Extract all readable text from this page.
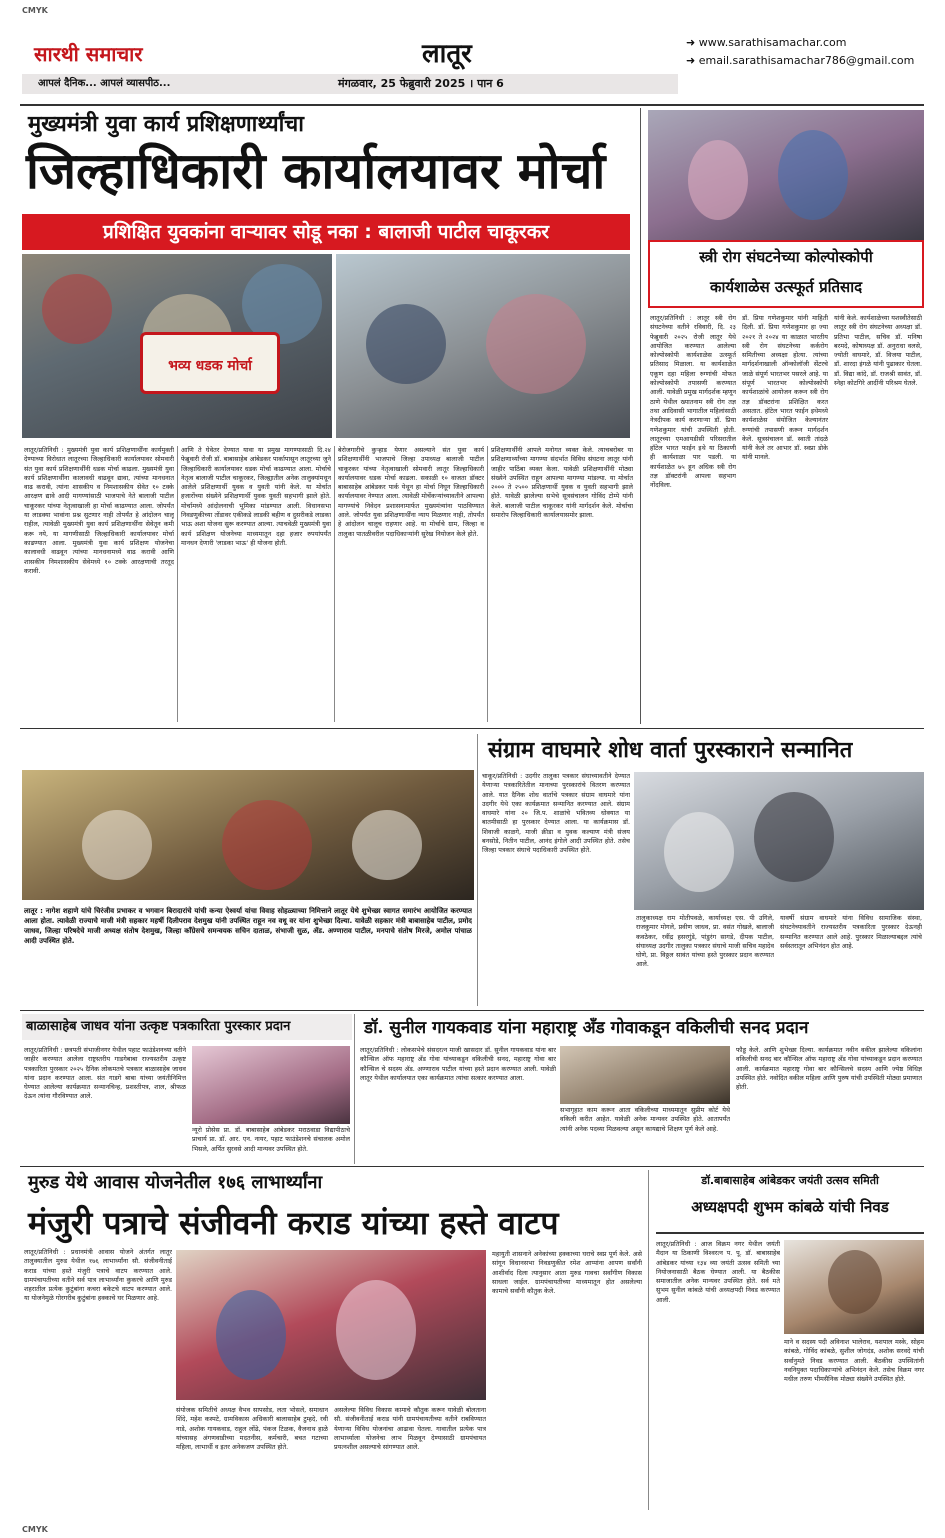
CMYK
CMYK
सारथी समाचार	लातूर	➜ www.sarathisamachar.com
➜ email.sarathisamachar786@gmail.com
आपलं दैनिक... आपलं व्यासपीठ...	मंगळवार, 25 फेब्रुवारी 2025 । पान 6
मुख्यमंत्री युवा कार्य प्रशिक्षणार्थ्यांचा
जिल्हाधिकारी कार्यालयावर मोर्चा
प्रशिक्षित युवकांना वाऱ्यावर सोडू नका : बालाजी पाटील चाकूरकर
भव्य धडक मोर्चा
लातूर/प्रतिनिधी : मुख्यमंत्री युवा कार्य प्रशिक्षणार्थींना कार्यमुक्ती देण्याच्या विरोधात लातूरच्या जिल्हाधिकारी कार्यालयावर सोमवारी संत युवा कार्य प्रशिक्षणार्थींनी धडक मोर्चा काढला. मुख्यमंत्री युवा कार्य प्रशिक्षणार्थींना कालावधी वाढवून द्यावा, त्यांच्या मानधनात वाढ करावी, त्यांना शासकीय व निमशासकीय सेवेत १० टक्के आरक्षण द्यावे आदी मागण्यांसाठी भाजपाचे नेते बालाजी पाटील चाकूरकर यांच्या नेतृत्वाखाली हा मोर्चा काढण्यात आला. जोपर्यंत या लाडक्या भावांना प्रश्न सुटणार नाही तोपर्यंत हे आंदोलन चालू राहील, त्यावेळी मुख्यमंत्री युवा कार्य प्रशिक्षणार्थींना सेवेतून कमी करू नये, या मागणीसाठी जिल्हाधिकारी कार्यालयावर मोर्चा काढण्यात आला. मुख्यमंत्री युवा कार्य प्रशिक्षण योजनेचा कालावधी वाढवून त्यांच्या मानधनामध्ये वाढ करावी आणि शासकीय निमशासकीय सेवेमध्ये १० टक्के आरक्षणाची तरतूद करावी.
आणि ते घेवेतर देण्यात यावा या प्रमुख मागण्यासाठी दि.२४ फेब्रुवारी रोजी डॉ. बाबासाहेब आंबेडकर पार्कापासून लातूरच्या जुने जिल्हाधिकारी कार्यालयावर धडक मोर्चा काढण्यात आला. मोर्चाचे नेतृत्व बालाजी पाटील चाकूरकर, जिल्ह्यातील अनेक तालुक्यांमधून आलेले प्रशिक्षणार्थी युवक व युवती यांनी केले. या मोर्चात हजारोंच्या संख्येने प्रशिक्षणार्थी युवक युवती सहभागी झाले होते. मोर्चामध्ये आंदोलनाची भूमिका मांडण्यात आली. विधानसभा निवडणुकीच्या तोंडावर एकीकडे लाडकी बहीण व दुसरीकडे लाडका भाऊ अशा योजना सुरू करण्यात आल्या. त्याचवेळी मुख्यमंत्री युवा कार्य प्रशिक्षण योजनेच्या माध्यमातून दहा हजार रुपयांपर्यंत मानधन देणारी 'लाडका भाऊ' ही योजना होती.
बेरोजगारीचे कुऱ्हाड येणार असल्याने संत युवा कार्य प्रशिक्षणार्थींनी भाजपाचे जिल्हा उपाध्यक्ष बालाजी पाटील चाकूरकर यांच्या नेतृत्वाखाली सोमवारी लातूर जिल्हाधिकारी कार्यालयावर धडक मोर्चा काढला. सकाळी १० वाजता डॉक्टर बाबासाहेब आंबेडकर पार्क येथून हा मोर्चा निघून जिल्हाधिकारी कार्यालयावर नेण्यात आला. त्यावेळी मोर्चेकऱ्यांच्यावतीने आपल्या मागण्यांचे निवेदन प्रशासनामार्फत मुख्यमंत्र्यांना पाठविण्यात आले. जोपर्यंत युवा प्रशिक्षणार्थींना न्याय मिळणार नाही, तोपर्यंत हे आंदोलन चालूच राहणार आहे. या मोर्चाचे ग्राम, जिल्हा व तालुका पातळीवरील पदाधिकाऱ्यांनी सुरेख नियोजन केले होते.
प्रशिक्षणार्थींनी आपले मनोगत व्यक्त केले. त्याचबरोबर या प्रशिक्षणार्थ्यांच्या मागण्या संदर्भात विविध संघटना लातूर यांनी जाहीर पाठिंबा व्यक्त केला. यावेळी प्रशिक्षणार्थींनी मोठ्या संख्येने उपस्थित राहून आपल्या मागण्या मांडल्या. या मोर्चात २००० ते २५०० प्रशिक्षणार्थी युवक व युवती सहभागी झाले होते. यावेळी झालेल्या सभेचे सूत्रसंचालन गोविंद टोम्पे यांनी केले. बालाजी पाटील चाकूरकर यांनी मार्गदर्शन केले. मोर्चाचा समारोप जिल्हाधिकारी कार्यालयासमोर झाला.
स्त्री रोग संघटनेच्या कोल्पोस्कोपी
कार्यशाळेस उत्स्फूर्त प्रतिसाद
लातूर/प्रतिनिधी : लातूर स्त्री रोग संघटनेच्या वतीने रविवारी, दि. २३ फेब्रुवारी २०२५ रोजी लातूर येथे आयोजित करण्यात आलेल्या कोल्पोस्कोपी कार्यशाळेस उत्स्फूर्त प्रतिसाद मिळाला. या कार्यशाळेत एकूण दहा महिला रुग्णांची मोफत कोल्पोस्कोपी तपासणी करण्यात आली. यावेळी प्रमुख मार्गदर्शक म्हणून ठाणे येथील ख्यातनाम स्त्री रोग तज्ञ तथा आदिवासी भागातील महिलांसाठी नेत्रदीपक कार्य करणाऱ्या डॉ. प्रिया गणेशकुमार यांची उपस्थिती होती. लातूरच्या एमआयडीसी परिसरातील हॉटेल भारत फाईन इथे या ठिकाणी ही कार्यशाळा पार पडली. या कार्यशाळेत ७५ हून अधिक स्त्री रोग तज्ञ डॉक्टरांनी आपला सहभाग नोंदविला.
डॉ. प्रिया गणेशकुमार यांनी माहिती दिली. डॉ. प्रिया गणेशकुमार हा ज्या २०२१ ते २०२४ या काळात भारतीय स्त्री रोग संघटनेच्या कर्करोग समितीच्या अध्यक्षा होत्या. त्यांच्या मार्गदर्शनाखाली ऑन्कोलॉजी सेंटरचे जाळे संपूर्ण भारतभर पसरले आहे. या संपूर्ण भारतभर कोल्पोस्कोपी कार्यशाळांचे आयोजन करून स्त्री रोग तज्ञ डॉक्टरांना प्रशिक्षित करत असतात. हॉटेल भारत फाईन इथेमध्ये कार्यशाळेस संयोजित केल्यानंतर रुग्णांची तपासणी करून मार्गदर्शन केले. सूत्रसंचालन डॉ. स्वाती तांदळे यांनी केले तर आभार डॉ. स्वप्ना डोके यांनी मानले.
यांनी केले. कार्यशाळेच्या यशस्वीतेसाठी लातूर स्त्री रोग संघटनेच्या अध्यक्षा डॉ. प्रतिभा पाटील, सचिव डॉ. मनिषा बरमदे, कोषाध्यक्ष डॉ. अनुराधा वलसे, ज्योती वाघमारे, डॉ. विजया पाटील, डॉ. शारदा इंगळे यांनी पुढाकार घेतला. डॉ. विद्या कांदे, डॉ. राजश्री सावंत, डॉ. स्नेहा कोटगिरे आदींनी परिश्रम घेतले.
लातूर : नागेश शहाणे यांचे चिरंजीव प्रभाकर व भगवान बिरादारांचे यांची कन्या ऐश्वर्या यांचा विवाह सोहळ्याच्या निमित्ताने लातूर येथे शुभेच्छा स्वागत समारंभ आयोजित करण्यात आला होता. त्यावेळी राज्याचे माजी मंत्री सहकार महर्षी दिलीपराव देशमुख यांनी उपस्थित राहून नव वधू वर यांना शुभेच्छा दिल्या. यावेळी सहकार मंत्री बाबासाहेब पाटील, प्रमोद जाधव, जिल्हा परिषदेचे माजी अध्यक्ष संतोष देशमुख, जिल्हा काँग्रेसचे समन्वयक सचिन दाताळ, संभाजी सुळ, ॲड. अण्णाराव पाटील, मनपाचे संतोष मिरजे, अमोल पांचाळ आदी उपस्थित होते.
संग्राम वाघमारे शोध वार्ता पुरस्काराने सन्मानित
चाकूर/प्रतिनिधी : उदगीर तालुका पत्रकार संघाच्यावतीने देण्यात येणाऱ्या पत्रकारितेतील मानाच्या पुरस्कारांचे वितरण करण्यात आले. यात दैनिक शोध वार्ताचे पत्रकार संग्राम वाघमारे यांना उदगीर येथे एका कार्यक्रमात सन्मानित करण्यात आले. संग्राम वाघमारे यांना २० जि.प. शाळांचे भवितव्य धोक्यात या बातमीसाठी हा पुरस्कार देण्यात आला. या कार्यक्रमास डॉ. शिवाजी काळगे, माजी क्रीडा व युवक कल्याण मंत्री संजय बनसोडे, नितीन पाटील, आनंद इंगोले आदी उपस्थित होते. तसेच जिल्हा पत्रकार संघाचे पदाधिकारी उपस्थित होते.
तालुकाध्यक्ष राम मोतीपवळे, कार्याध्यक्ष एस. पी उगिले, राजकुमार मोगले, प्रवीण जाधव, प्रा. वसंत गोखले, बालाजी कवठेकर, रवींद्र हसरगुंडे, पांडुरंग सागडे, दीपक पाटील, संघाध्यक्ष उदगीर तालुका पत्रकार संघाचे माजी सचिव महादेव घोणे, प्रा. विठ्ठल सावंत यांच्या हस्ते पुरस्कार प्रदान करण्यात आले.
यावर्षी संग्राम वाघमारे यांना विविध सामाजिक संस्था, संघटनेच्यावतीने राज्यस्तरीय पत्रकारिता पुरस्कार देऊनही सन्मानित करण्यात आले आहे. पुरस्कार मिळाल्याबद्दल त्यांचे सर्वस्तरातून अभिनंदन होत आहे.
बाळासाहेब जाधव यांना उत्कृष्ट पत्रकारिता पुरस्कार प्रदान
लातूर/प्रतिनिधी : छत्रपती संभाजीनगर येथील पहाट फाउंडेशनच्या वतीने जाहीर करण्यात आलेला राष्ट्रस्तरीय गाडगेबाबा राज्यस्तरीय उत्कृष्ट पत्रकारिता पुरस्कार २०२५ दैनिक लोकमतचे पत्रकार बाळासाहेब जाधव यांना प्रदान करण्यात आला. संत गाडगे बाबा यांच्या जयंतीनिमित्त घेण्यात आलेल्या कार्यक्रमात सन्मानचिन्ह, प्रशस्तीपत्र, शाल, श्रीफळ देऊन त्यांना गौरविण्यात आले.
न्यूरो प्रोसेस प्रा. डॉ. बाबासाहेब आंबेडकर मराठवाडा विद्यापीठाचे प्राचार्य प्रा. डॉ. आर. एन. नायर, पहाट फाउंडेशनचे संचालक अमोल भिसले, अर्पित सुरवसे आदी मान्यवर उपस्थित होते.
डॉ. सुनील गायकवाड यांना महाराष्ट्र अँड गोवाकडून वकिलीची सनद प्रदान
लातूर/प्रतिनिधी : लोकसभेचे संसदरत्न माजी खासदार डॉ. सुनील गायकवाड यांना बार कौन्सिल ऑफ महाराष्ट्र अँड गोवा यांच्याकडून वकिलीची सनद, महाराष्ट्र गोवा बार कौन्सिल चे सदस्य ॲड. अण्णाराव पाटील यांच्या हस्ते प्रदान करण्यात आली. यावेळी लातूर येथील कार्यालयात एका कार्यक्रमात त्यांचा सत्कार करण्यात आला.
सभागृहात काम करून आता वकिलीच्या माध्यमातून सुप्रीम कोर्ट येथे वकिली करीत आहेत. यावेळी अनेक मान्यवर उपस्थित होते. आतापर्यंत त्यांनी अनेक पदव्या मिळवल्या असून कायद्याचे शिक्षण पूर्ण केले आहे.
फौड्ड केले. आणि शुभेच्छा दिल्या. कार्यक्रमात नवीन वकील झालेल्या वकिलांना वकिलीची सनद बार कौन्सिल ऑफ महाराष्ट्र अँड गोवा यांच्याकडून प्रदान करण्यात आली. कार्यक्रमात महाराष्ट्र गोवा बार कौन्सिलचे सदस्य आणि ज्येष्ठ विधिज्ञ उपस्थित होते. नवोदित वकील महिला आणि पुरुष यांची उपस्थिती मोठ्या प्रमाणात होती.
मुरुड येथे आवास योजनेतील १७६ लाभार्थ्यांना
मंजुरी पत्राचे संजीवनी कराड यांच्या हस्ते वाटप
लातूर/प्रतिनिधी : प्रधानमंत्री आवास योजने अंतर्गत लातूर तालुक्यातील मुरुड येथील १७६ लाभार्थ्यांना सौ. संजीवनीताई कराड यांच्या हस्ते मंजुरी पत्राचे वाटप करण्यात आले. ग्रामपंचायतीच्या वतीने सर्व पात्र लाभार्थ्यांना कुकरचे आणि मुरुड शहरातील प्रत्येक कुटुंबांना कचरा बकेटचे वाटप करण्यात आले. या योजनेमुळे गोरगरीब कुटुंबांना हक्काचे घर मिळणार आहे.
संयोजक समितीचे अध्यक्ष वैभव सापसोड, लता भोसले, समाधान शिंदे, महेश कस्पटे, ग्रामविकास अधिकारी बालासाहेब टुम्हदे, रवी नाडे, अशोक गायकवाड, राहुल लोंढे, पंकज टिळक, वैजनाथ हाळे यांच्यासह अंगणवाडीच्या मदतनीस, कर्मचारी, बचत गटाच्या महिला, लाभार्थी व इतर अनेकजण उपस्थित होते.
असलेल्या विविध विकास कामाचे कौतुक करून यावेळी बोलताना सौ. संजीवनीताई कराड यांनी ग्रामपंचायतीच्या वतीने राबविण्यात येणाऱ्या विविध योजनांचा आढावा घेतला. गावातील प्रत्येक पात्र लाभार्थ्याला योजनेचा लाभ मिळवून देण्यासाठी ग्रामपंचायत प्रयत्नशील असल्याचे सांगण्यात आले.
महायुती शासनाने अनेकांच्या हक्काच्या घराचे स्वप्न पूर्ण केले. असे सांगून विधानसभा निवडणुकीत रमेश आप्पांना आपण सर्वांनी आशीर्वाद दिला त्यानुसार आता मुरुड गावचा सर्वांगीण विकास साधला जाईल. ग्रामपंचायतीच्या माध्यमातून होत असलेल्या कामाचे सर्वांनी कौतुक केले.
डॉ.बाबासाहेब आंबेडकर जयंती उत्सव समिती
अध्यक्षपदी शुभम कांबळे यांची निवड
लातूर/प्रतिनिधी : आज विक्रम नगर येथील जयंती मैदान या ठिकाणी विश्वरत्न प. पू. डॉ. बाबासाहेब आंबेडकर यांच्या १३४ व्या जयंती उत्सव समिती च्या नियोजनासाठी बैठक घेण्यात आली. या बैठकीस समाजातील अनेक मान्यवर उपस्थित होते. सर्व मते सुभम सुनील कांबळे यांची अध्यक्षपदी निवड करण्यात आली.
माने व सदस्य पदी अविनाश भालेराव, यशपाल मस्के, सोहम कांबळे, गोविंद कांबळे, सुशील जोगदंड, अशोक सरवदे यांची सर्वानुमते निवड करण्यात आली. बैठकीस उपस्थितांनी नवनियुक्त पदाधिकाऱ्यांचे अभिनंदन केले. तसेच विक्रम नगर मधील तरुण भीमसैनिक मोठ्या संख्येने उपस्थित होते.
